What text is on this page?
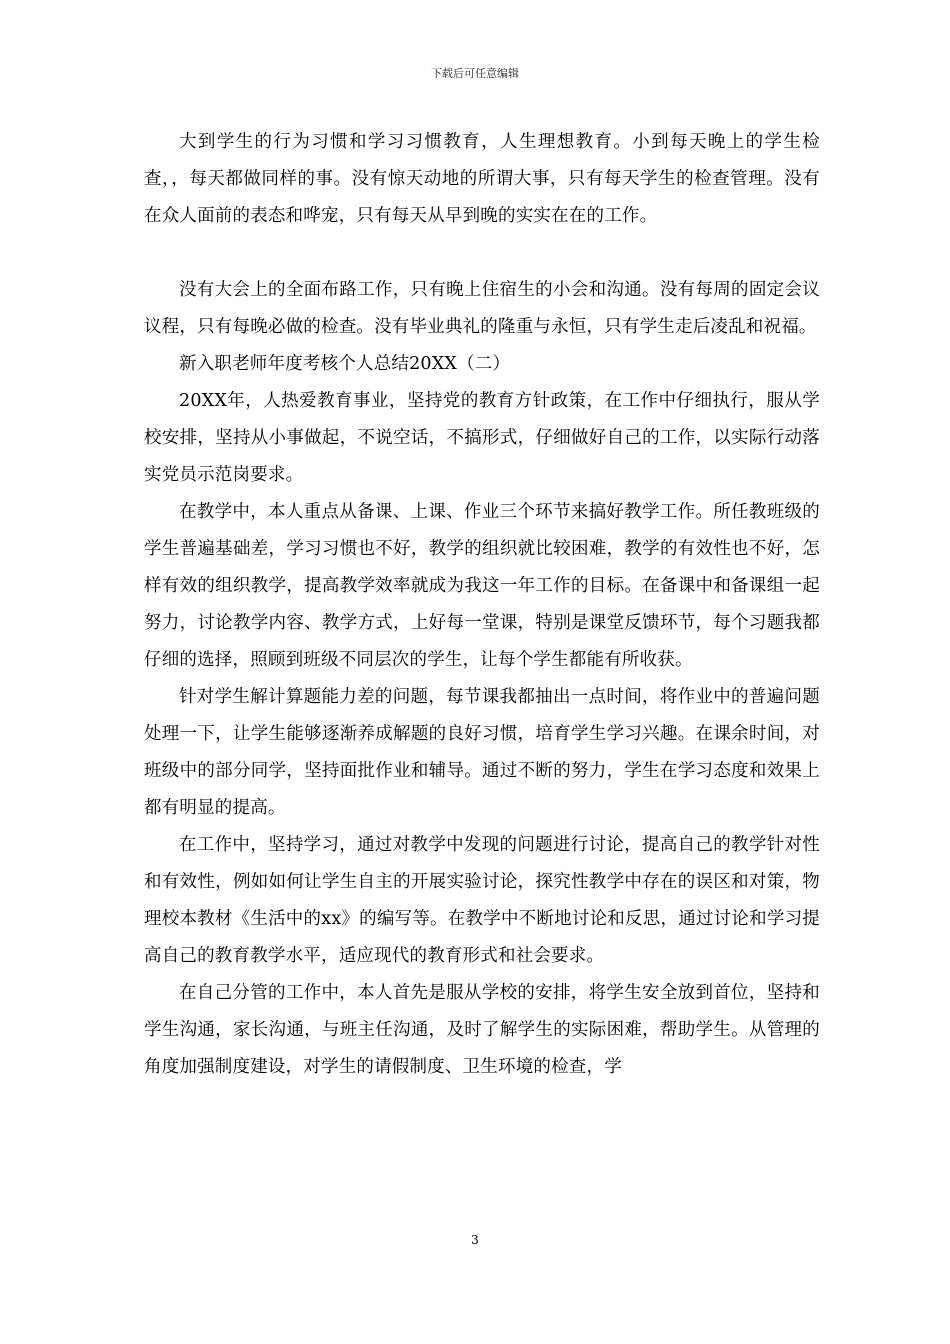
下载后可任意编辑

大到学生的行为习惯和学习习惯教育，人生理想教育。小到每天晚上的学生检查，，每天都做同样的事。没有惊天动地的所谓大事，只有每天学生的检查管理。没有在众人面前的表态和哗宠，只有每天从早到晚的实实在在的工作。

没有大会上的全面布路工作，只有晚上住宿生的小会和沟通。没有每周的固定会议议程，只有每晚必做的检查。没有毕业典礼的隆重与永恒，只有学生走后凌乱和祝福。

新入职老师年度考核个人总结20XX（二）

20XX年，人热爱教育事业，坚持党的教育方针政策，在工作中仔细执行，服从学校安排，坚持从小事做起，不说空话，不搞形式，仔细做好自己的工作，以实际行动落实党员示范岗要求。

在教学中，本人重点从备课、上课、作业三个环节来搞好教学工作。所任教班级的学生普遍基础差，学习习惯也不好，教学的组织就比较困难，教学的有效性也不好，怎样有效的组织教学，提高教学效率就成为我这一年工作的目标。在备课中和备课组一起努力，讨论教学内容、教学方式，上好每一堂课，特别是课堂反馈环节，每个习题我都仔细的选择，照顾到班级不同层次的学生，让每个学生都能有所收获。

针对学生解计算题能力差的问题，每节课我都抽出一点时间，将作业中的普遍问题处理一下，让学生能够逐渐养成解题的良好习惯，培育学生学习兴趣。在课余时间，对班级中的部分同学，坚持面批作业和辅导。通过不断的努力，学生在学习态度和效果上都有明显的提高。

在工作中，坚持学习，通过对教学中发现的问题进行讨论，提高自己的教学针对性和有效性，例如如何让学生自主的开展实验讨论，探究性教学中存在的误区和对策，物理校本教材《生活中的xx》的编写等。在教学中不断地讨论和反思，通过讨论和学习提高自己的教育教学水平，适应现代的教育形式和社会要求。

在自己分管的工作中，本人首先是服从学校的安排，将学生安全放到首位，坚持和学生沟通，家长沟通，与班主任沟通，及时了解学生的实际困难，帮助学生。从管理的角度加强制度建设，对学生的请假制度、卫生环境的检查，学

3
